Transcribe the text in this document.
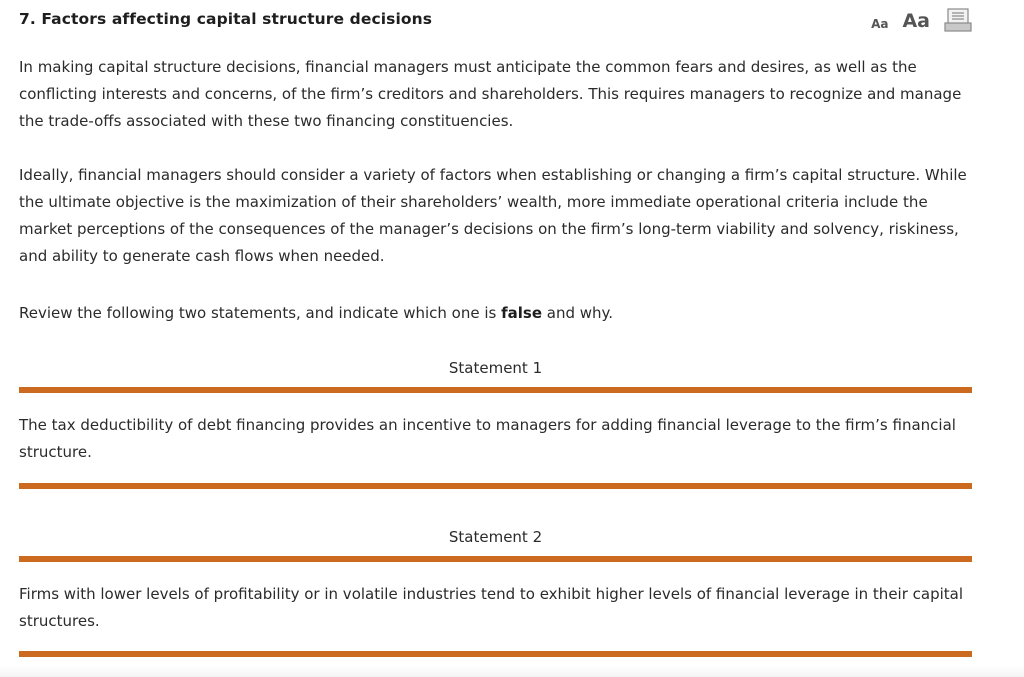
7. Factors affecting capital structure decisions	Aa Aa

In making capital structure decisions, financial managers must anticipate the common fears and desires, as well as the conflicting interests and concerns, of the firm’s creditors and shareholders. This requires managers to recognize and manage the trade-offs associated with these two financing constituencies.

Ideally, financial managers should consider a variety of factors when establishing or changing a firm’s capital structure. While the ultimate objective is the maximization of their shareholders’ wealth, more immediate operational criteria include the market perceptions of the consequences of the manager’s decisions on the firm’s long-term viability and solvency, riskiness, and ability to generate cash flows when needed.

Review the following two statements, and indicate which one is false and why.

Statement 1

The tax deductibility of debt financing provides an incentive to managers for adding financial leverage to the firm’s financial structure.

Statement 2

Firms with lower levels of profitability or in volatile industries tend to exhibit higher levels of financial leverage in their capital structures.
